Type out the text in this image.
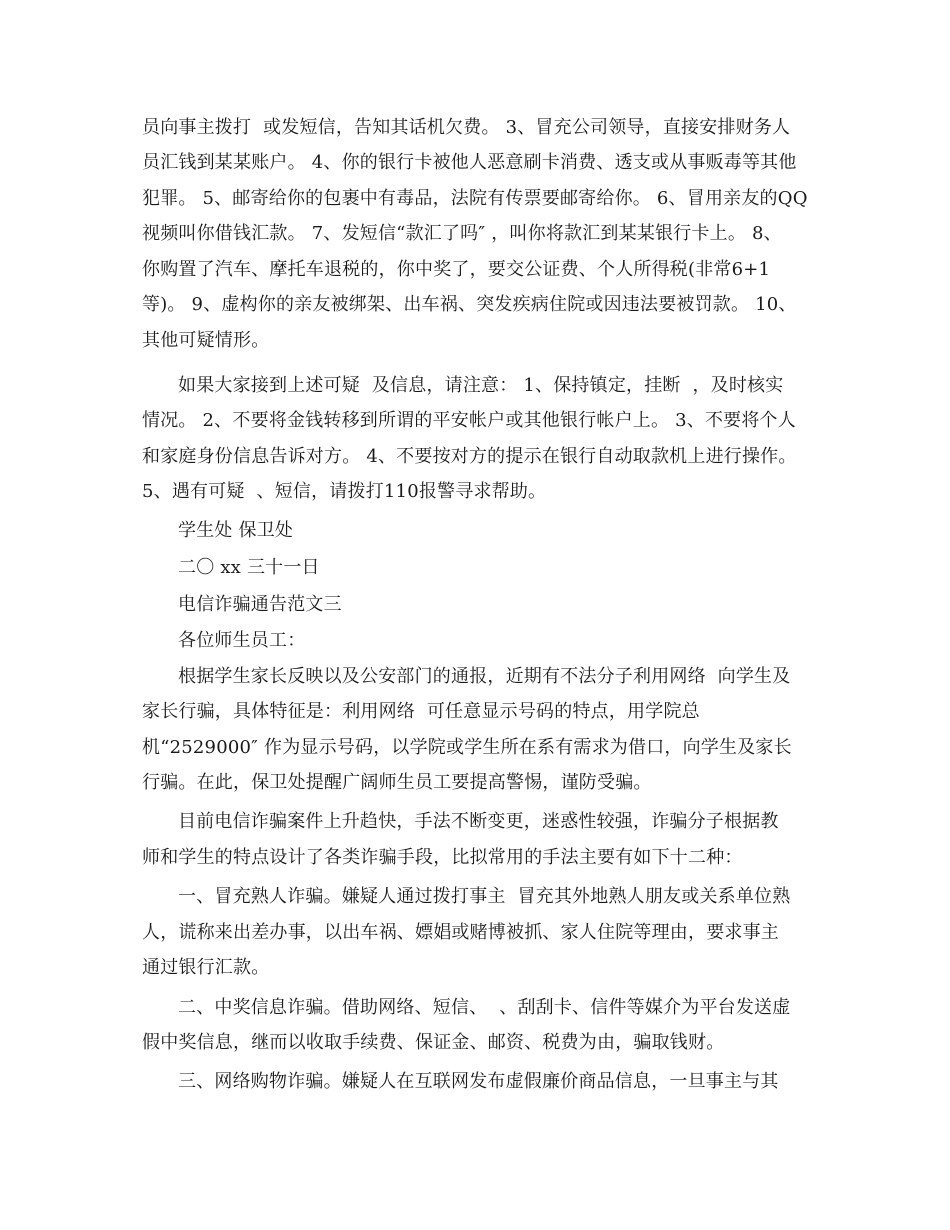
员向事主拨打  或发短信，告知其话机欠费。 3、冒充公司领导，直接安排财务人
员汇钱到某某账户。 4、你的银行卡被他人恶意刷卡消费、透支或从事贩毒等其他
犯罪。 5、邮寄给你的包裹中有毒品，法院有传票要邮寄给你。 6、冒用亲友的QQ
视频叫你借钱汇款。 7、发短信“款汇了吗″ ，叫你将款汇到某某银行卡上。 8、
你购置了汽车、摩托车退税的，你中奖了，要交公证费、个人所得税(非常6+1
等)。 9、虚构你的亲友被绑架、出车祸、突发疾病住院或因违法要被罚款。 10、
其他可疑情形。
如果大家接到上述可疑  及信息，请注意： 1、保持镇定，挂断  ，及时核实
情况。 2、不要将金钱转移到所谓的平安帐户或其他银行帐户上。 3、不要将个人
和家庭身份信息告诉对方。 4、不要按对方的提示在银行自动取款机上进行操作。
5、遇有可疑  、短信，请拨打110报警寻求帮助。
学生处 保卫处
二〇 xx 三十一日
电信诈骗通告范文三
各位师生员工：
根据学生家长反映以及公安部门的通报，近期有不法分子利用网络  向学生及
家长行骗，具体特征是：利用网络  可任意显示号码的特点，用学院总
机“2529000″ 作为显示号码，以学院或学生所在系有需求为借口，向学生及家长
行骗。在此，保卫处提醒广阔师生员工要提高警惕，谨防受骗。
目前电信诈骗案件上升趋快，手法不断变更，迷惑性较强，诈骗分子根据教
师和学生的特点设计了各类诈骗手段，比拟常用的手法主要有如下十二种：
一、冒充熟人诈骗。嫌疑人通过拨打事主  冒充其外地熟人朋友或关系单位熟
人，谎称来出差办事，以出车祸、嫖娼或赌博被抓、家人住院等理由，要求事主
通过银行汇款。
二、中奖信息诈骗。借助网络、短信、  、刮刮卡、信件等媒介为平台发送虚
假中奖信息，继而以收取手续费、保证金、邮资、税费为由，骗取钱财。
三、网络购物诈骗。嫌疑人在互联网发布虚假廉价商品信息，一旦事主与其
